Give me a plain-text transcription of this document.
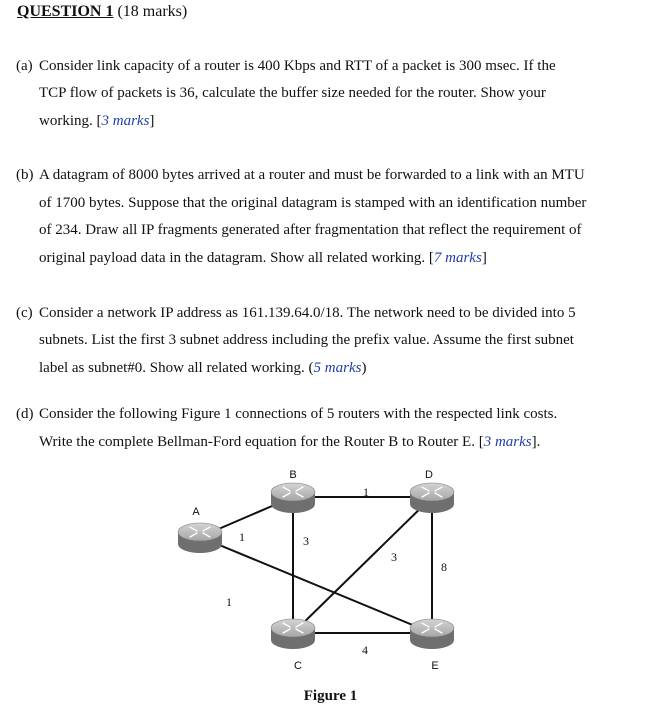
QUESTION 1 (18 marks)
(a) Consider link capacity of a router is 400 Kbps and RTT of a packet is 300 msec. If the
TCP flow of packets is 36, calculate the buffer size needed for the router. Show your
working. [3 marks]
(b) A datagram of 8000 bytes arrived at a router and must be forwarded to a link with an MTU
of 1700 bytes. Suppose that the original datagram is stamped with an identification number
of 234. Draw all IP fragments generated after fragmentation that reflect the requirement of
original payload data in the datagram. Show all related working. [7 marks]
(c) Consider a network IP address as 161.139.64.0/18. The network need to be divided into 5
subnets. List the first 3 subnet address including the prefix value. Assume the first subnet
label as subnet#0. Show all related working. (5 marks)
(d) Consider the following Figure 1 connections of 5 routers with the respected link costs.
Write the complete Bellman-Ford equation for the Router B to Router E. [3 marks].
A
B	D
C	E
1
1
3
1
3
8
4
Figure 1
